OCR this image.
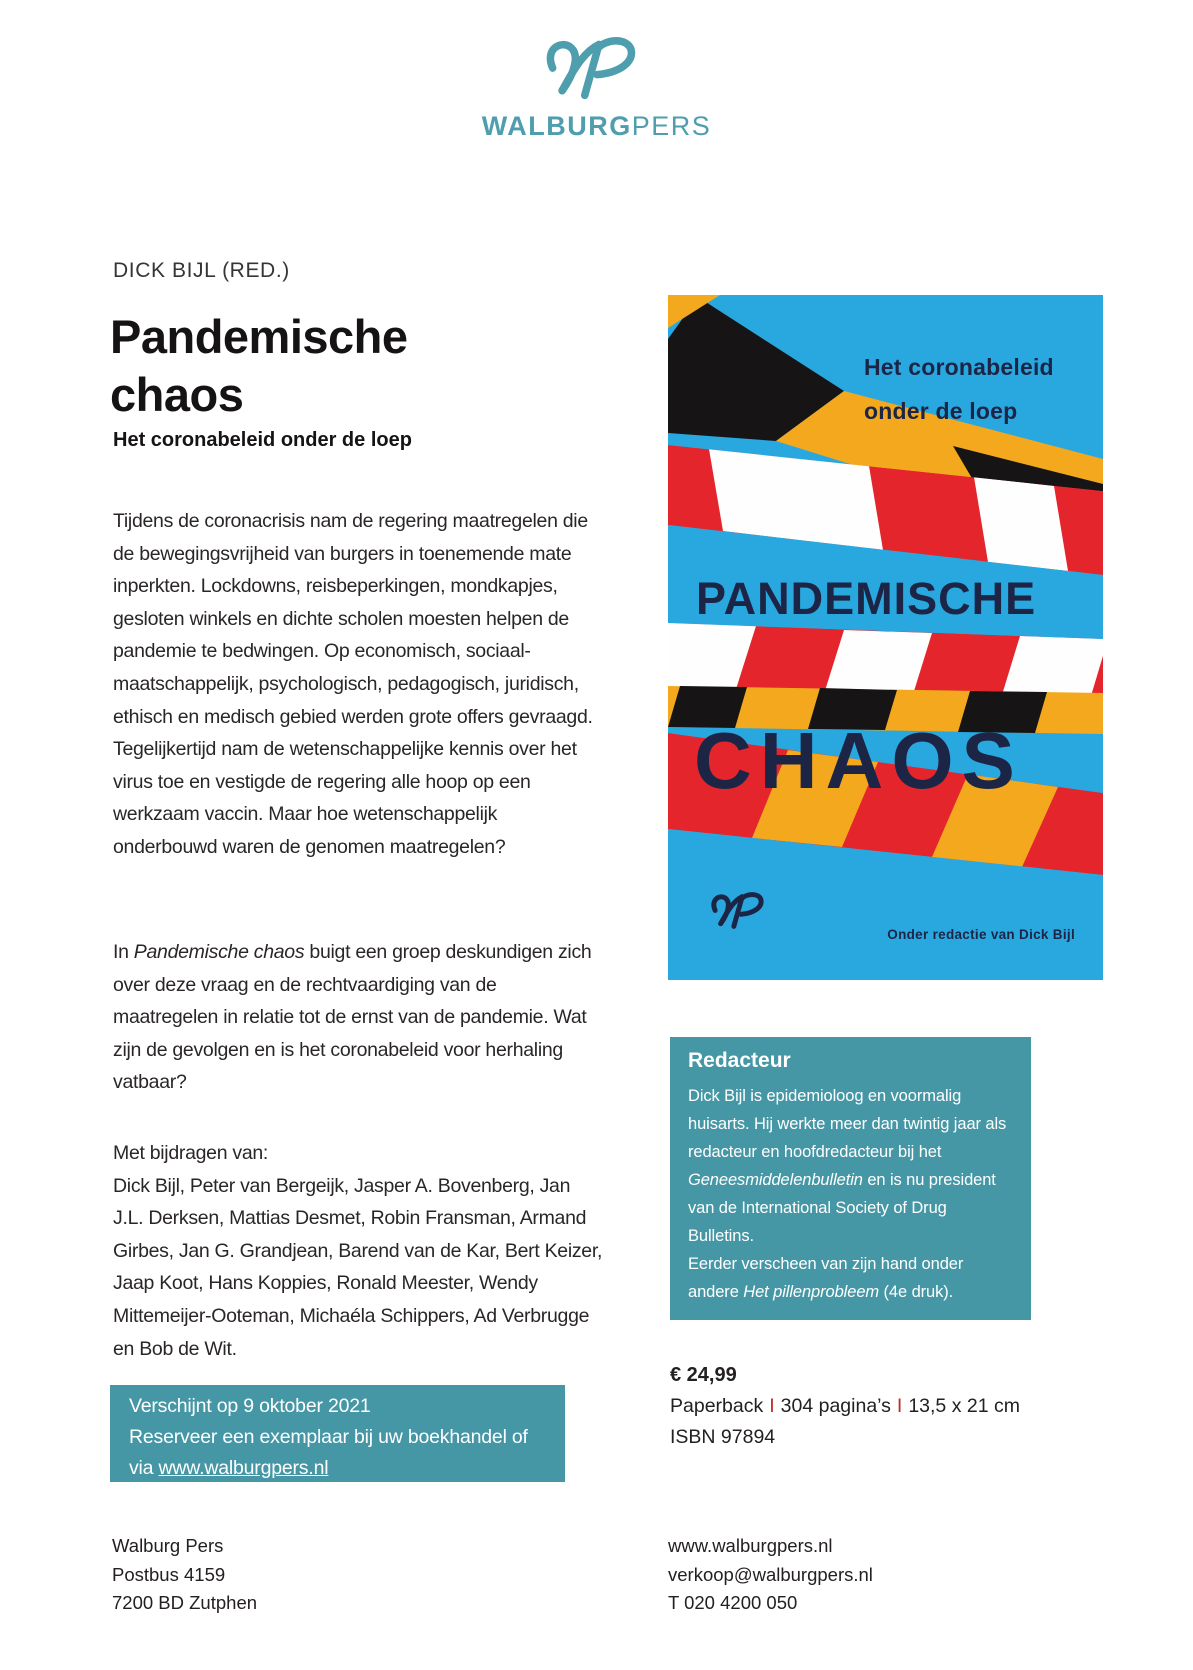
WALBURGPERS
DICK BIJL (RED.)
Pandemische
chaos
Het coronabeleid onder de loep
Tijdens de coronacrisis nam de regering maatregelen die de bewegingsvrijheid van burgers in toenemende mate inperkten. Lockdowns, reisbeperkingen, mondkapjes, gesloten winkels en dichte scholen moesten helpen de pandemie te bedwingen. Op economisch, sociaal-maatschappelijk, psychologisch, pedagogisch, juridisch, ethisch en medisch gebied werden grote offers gevraagd. Tegelijkertijd nam de wetenschappelijke kennis over het virus toe en vestigde de regering alle hoop op een werkzaam vaccin. Maar hoe wetenschappelijk onderbouwd waren de genomen maatregelen?
In Pandemische chaos buigt een groep deskundigen zich over deze vraag en de rechtvaardiging van de maatregelen in relatie tot de ernst van de pandemie. Wat zijn de gevolgen en is het coronabeleid voor herhaling vatbaar?
Met bijdragen van:
Dick Bijl, Peter van Bergeijk, Jasper A. Bovenberg, Jan J.L. Derksen, Mattias Desmet, Robin Fransman, Armand Girbes, Jan G. Grandjean, Barend van de Kar, Bert Keizer, Jaap Koot, Hans Koppies, Ronald Meester, Wendy Mittemeijer-Ooteman, Michaéla Schippers, Ad Verbrugge en Bob de Wit.
Verschijnt op 9 oktober 2021
Reserveer een exemplaar bij uw boekhandel of
via www.walburgpers.nl
Het coronabeleid
onder de loep
PANDEMISCHE
CHAOS
Onder redactie van Dick Bijl
Redacteur
Dick Bijl is epidemioloog en voormalig huisarts. Hij werkte meer dan twintig jaar als redacteur en hoofdredacteur bij het Geneesmiddelenbulletin en is nu president van de International Society of Drug Bulletins.
Eerder verscheen van zijn hand onder andere Het pillenprobleem (4e druk).
€ 24,99
Paperback I 304 pagina’s I 13,5 x 21 cm
ISBN 97894
Walburg Pers
Postbus 4159
7200 BD Zutphen
www.walburgpers.nl
verkoop@walburgpers.nl
T 020 4200 050
